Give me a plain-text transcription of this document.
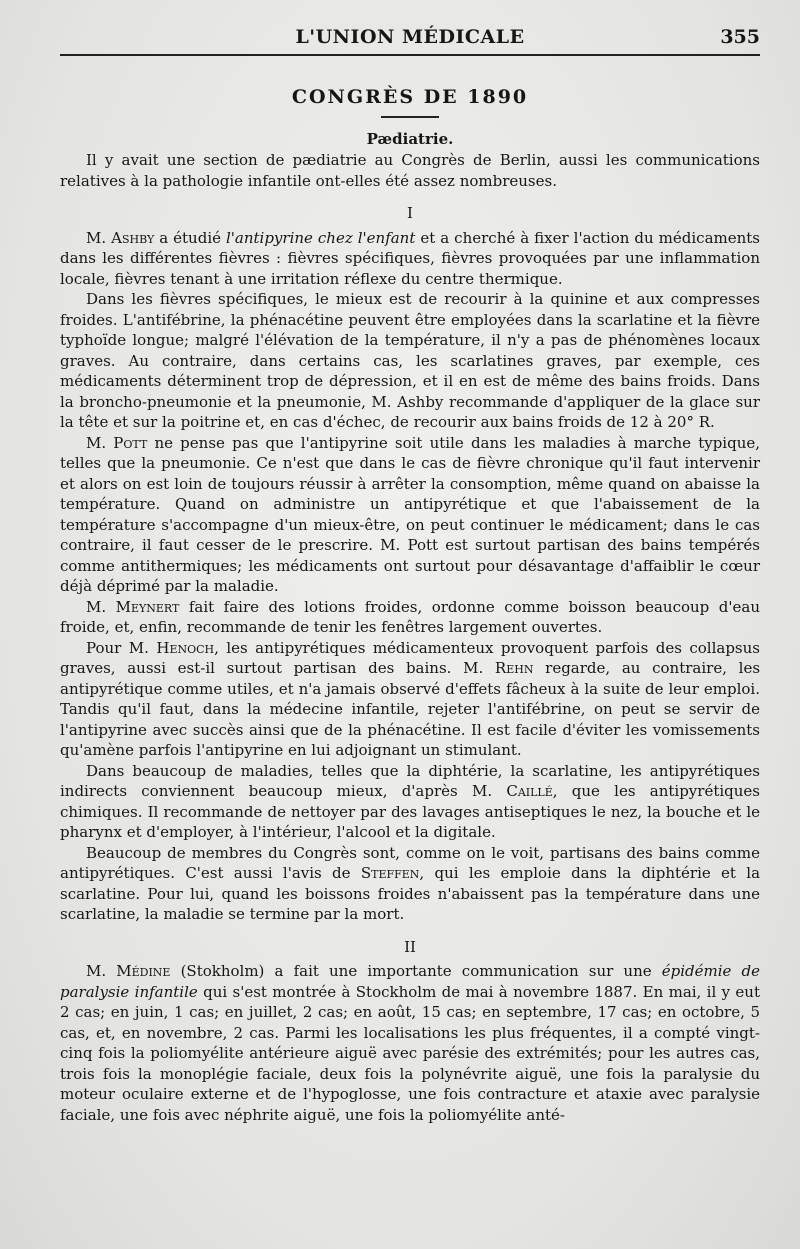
L'UNION MÉDICALE	355
CONGRÈS DE 1890
Pædiatrie.

Il y avait une section de pædiatrie au Congrès de Berlin, aussi les communications relatives à la pathologie infantile ont-elles été assez nombreuses.

I

M. Ashby a étudié l'antipyrine chez l'enfant et a cherché à fixer l'action du médicaments dans les différentes fièvres : fièvres spécifiques, fièvres provoquées par une inflammation locale, fièvres tenant à une irritation réflexe du centre thermique.

Dans les fièvres spécifiques, le mieux est de recourir à la quinine et aux compresses froides. L'antifébrine, la phénacétine peuvent être employées dans la scarlatine et la fièvre typhoïde longue; malgré l'élévation de la température, il n'y a pas de phénomènes locaux graves. Au contraire, dans certains cas, les scarlatines graves, par exemple, ces médicaments déterminent trop de dépression, et il en est de même des bains froids. Dans la broncho-pneumonie et la pneumonie, M. Ashby recommande d'appliquer de la glace sur la tête et sur la poitrine et, en cas d'échec, de recourir aux bains froids de 12 à 20° R.

M. Pott ne pense pas que l'antipyrine soit utile dans les maladies à marche typique, telles que la pneumonie. Ce n'est que dans le cas de fièvre chronique qu'il faut intervenir et alors on est loin de toujours réussir à arrêter la consomption, même quand on abaisse la température. Quand on administre un antipyrétique et que l'abaissement de la température s'accompagne d'un mieux-être, on peut continuer le médicament; dans le cas contraire, il faut cesser de le prescrire. M. Pott est surtout partisan des bains tempérés comme antithermiques; les médicaments ont surtout pour désavantage d'affaiblir le cœur déjà déprimé par la maladie.

M. Meynert fait faire des lotions froides, ordonne comme boisson beaucoup d'eau froide, et, enfin, recommande de tenir les fenêtres largement ouvertes.

Pour M. Henoch, les antipyrétiques médicamenteux provoquent parfois des collapsus graves, aussi est-il surtout partisan des bains. M. Rehn regarde, au contraire, les antipyrétique comme utiles, et n'a jamais observé d'effets fâcheux à la suite de leur emploi. Tandis qu'il faut, dans la médecine infantile, rejeter l'antifébrine, on peut se servir de l'antipyrine avec succès ainsi que de la phénacétine. Il est facile d'éviter les vomissements qu'amène parfois l'antipyrine en lui adjoignant un stimulant.

Dans beaucoup de maladies, telles que la diphtérie, la scarlatine, les antipyrétiques indirects conviennent beaucoup mieux, d'après M. Caillé, que les antipyrétiques chimiques. Il recommande de nettoyer par des lavages antiseptiques le nez, la bouche et le pharynx et d'employer, à l'intérieur, l'alcool et la digitale.

Beaucoup de membres du Congrès sont, comme on le voit, partisans des bains comme antipyrétiques. C'est aussi l'avis de Steffen, qui les emploie dans la diphtérie et la scarlatine. Pour lui, quand les boissons froides n'abaissent pas la température dans une scarlatine, la maladie se termine par la mort.

II

M. Médine (Stokholm) a fait une importante communication sur une épidémie de paralysie infantile qui s'est montrée à Stockholm de mai à novembre 1887. En mai, il y eut 2 cas; en juin, 1 cas; en juillet, 2 cas; en août, 15 cas; en septembre, 17 cas; en octobre, 5 cas, et, en novembre, 2 cas. Parmi les localisations les plus fréquentes, il a compté vingt-cinq fois la poliomyélite antérieure aiguë avec parésie des extrémités; pour les autres cas, trois fois la monoplégie faciale, deux fois la polynévrite aiguë, une fois la paralysie du moteur oculaire externe et de l'hypoglosse, une fois contracture et ataxie avec paralysie faciale, une fois avec néphrite aiguë, une fois la poliomyélite anté-
